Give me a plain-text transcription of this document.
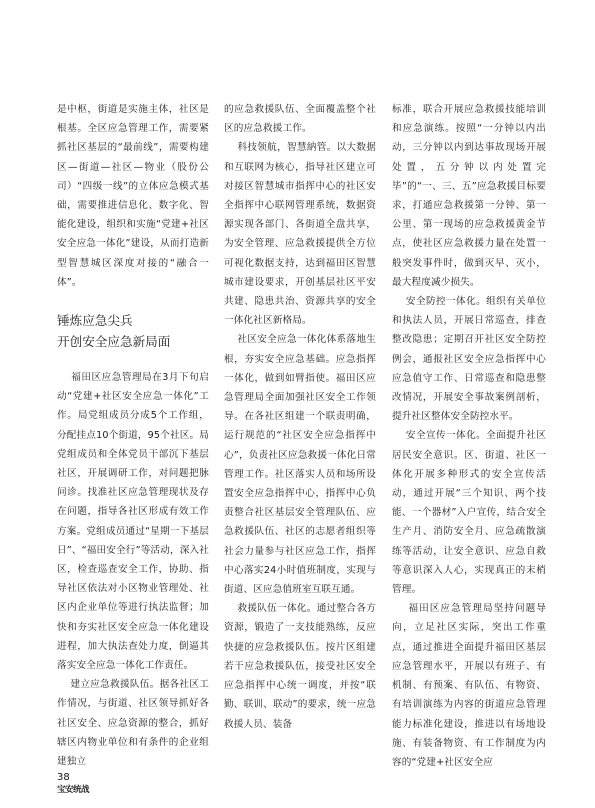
是中枢，街道是实施主体，社区是根基。全区应急管理工作，需要紧抓社区基层的“最前线”，需要构建区—街道—社区—物业（股份公司）“四级一线”的立体应急模式基础，需要推进信息化、数字化、智能化建设，组织和实施“党建+社区安全应急一体化”建设，从而打造新型智慧城区深度对接的“融合一体”。

锤炼应急尖兵
开创安全应急新局面

福田区应急管理局在3月下旬启动“党建+社区安全应急一体化”工作。局党组成员分成5个工作组，分配挂点10个街道，95个社区。局党组成员和全体党员干部沉下基层社区，开展调研工作，对问题把脉问诊。找准社区应急管理现状及存在问题，指导各社区形成有效工作方案。党组成员通过“星期一下基层日”、“福田安全行”等活动，深入社区，检查巡查安全工作，协助、指导社区依法对小区物业管理处、社区内企业单位等进行执法监督；加快和夯实社区安全应急一体化建设进程，加大执法查处力度，倒逼其落实安全应急一体化工作责任。

建立应急救援队伍。据各社区工作情况，与街道、社区领导抓好各社区安全、应急资源的整合，抓好辖区内物业单位和有条件的企业组建独立

的应急救援队伍、全面覆盖整个社区的应急救援工作。

科技领航，智慧納管。以大数据和互联网为核心，指导社区建立可对接区智慧城市指挥中心的社区安全指挥中心联网管理系统，数据资源实现各部门、各街道全盘共享，为安全管理、应急救援提供全方位可视化数据支持，达到福田区智慧城市建设要求，开创基层社区平安共建、隐患共治、资源共享的安全一体化社区新格局。

社区安全应急一体化体系落地生根，夯实安全应急基础。应急指挥一体化，做到如臂指使。福田区应急管理局全面加强社区安全工作领导。在各社区组建一个联责明确，运行规范的“社区安全应急指挥中心”，负责社区应急救援一体化日常管理工作。社区落实人员和场所设置安全应急指挥中心，指挥中心负责整合社区基层安全管理队伍、应急救援队伍、社区的志愿者组织等社会力量参与社区应急工作，指挥中心落实24小时值班制度，实现与街道、区应急值班室互联互通。

救援队伍一体化。通过整合各方资源，锻造了一支技能熟练，反应快捷的应急救援队伍。按片区组建若干应急救援队伍，接受社区安全应急指挥中心统一调度，并按“联勤、联训、联动”的要求，统一应急救援人员、装备

标准，联合开展应急救援技能培训和应急演练。按照“一分钟以内出动，三分钟以内到达事故现场开展处置，五分钟以内处置完毕”的“一、三、五”应急救援目标要求，打通应急救援第一分钟、第一公里、第一现场的应急救援黄金节点，使社区应急救援力量在处置一般突发事件时，做到灭早、灭小，最大程度减少损失。

安全防控一体化。组织有关单位和执法人员，开展日常巡查，排查整改隐患；定期召开社区安全防控例会，通报社区安全应急指挥中心应急值守工作、日常巡查和隐患整改情况，开展安全事故案例剖析，提升社区整体安全防控水平。

安全宣传一体化。全面提升社区居民安全意识。区、街道、社区一体化开展多种形式的安全宣传活动，通过开展“三个知识、两个技能、一个器材”入户宣传，结合安全生产月、消防安全月、应急疏散演练等活动，让安全意识、应急自救等意识深入人心，实现真正的末梢管理。

福田区应急管理局坚持问题导向，立足社区实际，突出工作重点，通过推进全面提升福田区基层应急管理水平，开展以有班子、有机制、有预案、有队伍、有物资、有培训演练为内容的街道应急管理能力标准化建设，推进以有场地设施、有装备物资、有工作制度为内容的“党建+社区安全应

38
宝安统战
